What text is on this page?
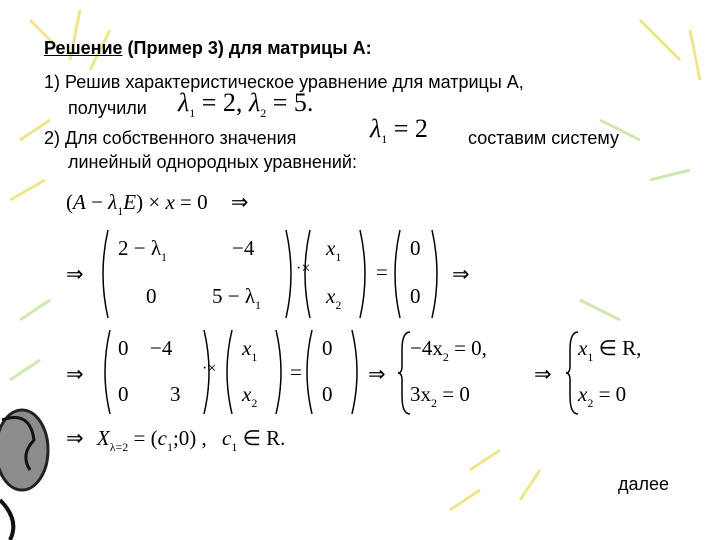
Решение (Пример 3) для матрицы А:
1) Решив характеристическое уравнение для матрицы А,
получили $\lambda_1 = 2$, $\lambda_2 = 5$.
2) Для собственного значения	$\lambda_1 = 2$ составим систему
линейный однородных уравнений:
$(A - \lambda_1E) \times x = 0$ ⇒
⇒
$2 - \lambda_1$	−4
0	$5 - \lambda_1$
·×
$x_1$
$x_2$
=
0
0
⇒
⇒
0 −4
0 3
·×
$x_1$
$x_2$
=
0
0
⇒
$-4x_2 = 0$,
$3x_2 = 0$
⇒
$x_1$ ∈ R,
$x_2 = 0$
⇒ $X_{\lambda=2}$ = $(c_1;0)$ , $c_1$ ∈ R.
далее
